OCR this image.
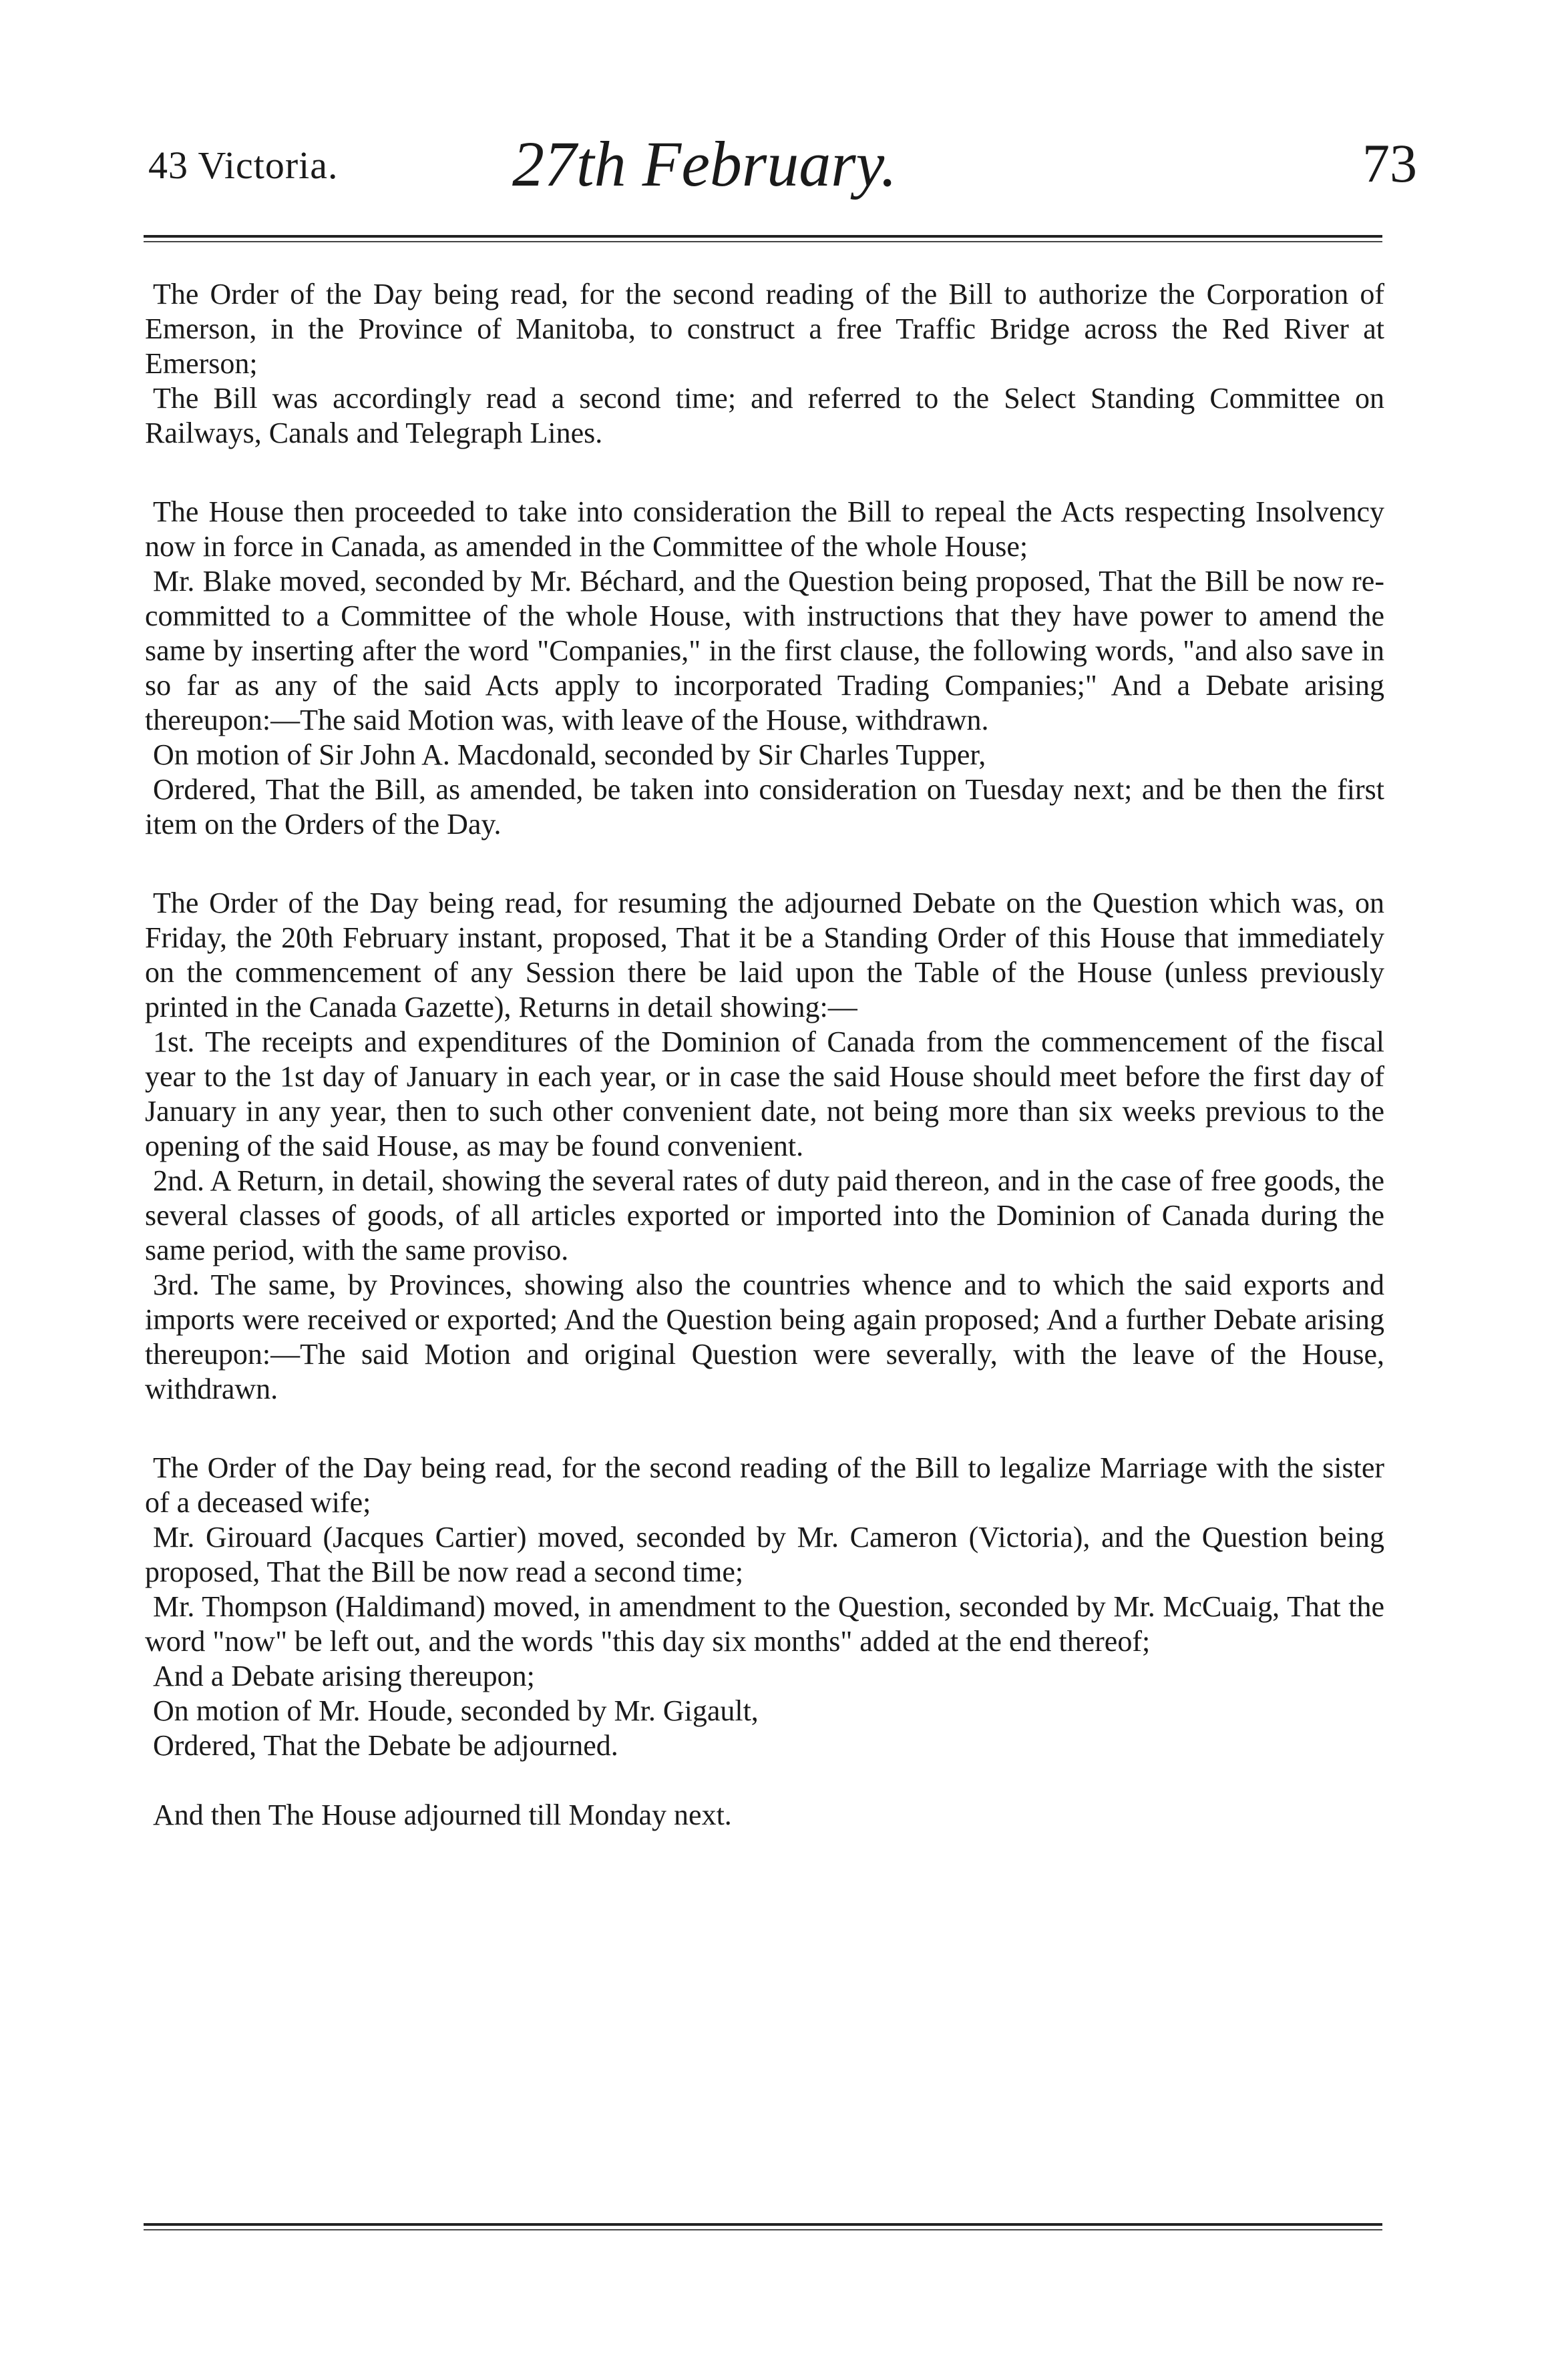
43 Victoria.	27th February.	73

The Order of the Day being read, for the second reading of the Bill to authorize the Corporation of Emerson, in the Province of Manitoba, to construct a free Traffic Bridge across the Red River at Emerson;

The Bill was accordingly read a second time; and referred to the Select Standing Committee on Railways, Canals and Telegraph Lines.

The House then proceeded to take into consideration the Bill to repeal the Acts respecting Insolvency now in force in Canada, as amended in the Committee of the whole House;

Mr. Blake moved, seconded by Mr. Béchard, and the Question being proposed, That the Bill be now re-committed to a Committee of the whole House, with instructions that they have power to amend the same by inserting after the word "Companies," in the first clause, the following words, "and also save in so far as any of the said Acts apply to incorporated Trading Companies;" And a Debate arising thereupon:—The said Motion was, with leave of the House, withdrawn.

On motion of Sir John A. Macdonald, seconded by Sir Charles Tupper,

Ordered, That the Bill, as amended, be taken into consideration on Tuesday next; and be then the first item on the Orders of the Day.

The Order of the Day being read, for resuming the adjourned Debate on the Question which was, on Friday, the 20th February instant, proposed, That it be a Standing Order of this House that immediately on the commencement of any Session there be laid upon the Table of the House (unless previously printed in the Canada Gazette), Returns in detail showing:—

1st. The receipts and expenditures of the Dominion of Canada from the commencement of the fiscal year to the 1st day of January in each year, or in case the said House should meet before the first day of January in any year, then to such other convenient date, not being more than six weeks previous to the opening of the said House, as may be found convenient.

2nd. A Return, in detail, showing the several rates of duty paid thereon, and in the case of free goods, the several classes of goods, of all articles exported or imported into the Dominion of Canada during the same period, with the same proviso.

3rd. The same, by Provinces, showing also the countries whence and to which the said exports and imports were received or exported; And the Question being again proposed; And a further Debate arising thereupon:—The said Motion and original Question were severally, with the leave of the House, withdrawn.

The Order of the Day being read, for the second reading of the Bill to legalize Marriage with the sister of a deceased wife;

Mr. Girouard (Jacques Cartier) moved, seconded by Mr. Cameron (Victoria), and the Question being proposed, That the Bill be now read a second time;

Mr. Thompson (Haldimand) moved, in amendment to the Question, seconded by Mr. McCuaig, That the word "now" be left out, and the words "this day six months" added at the end thereof;

And a Debate arising thereupon;

On motion of Mr. Houde, seconded by Mr. Gigault,

Ordered, That the Debate be adjourned.

And then The House adjourned till Monday next.
